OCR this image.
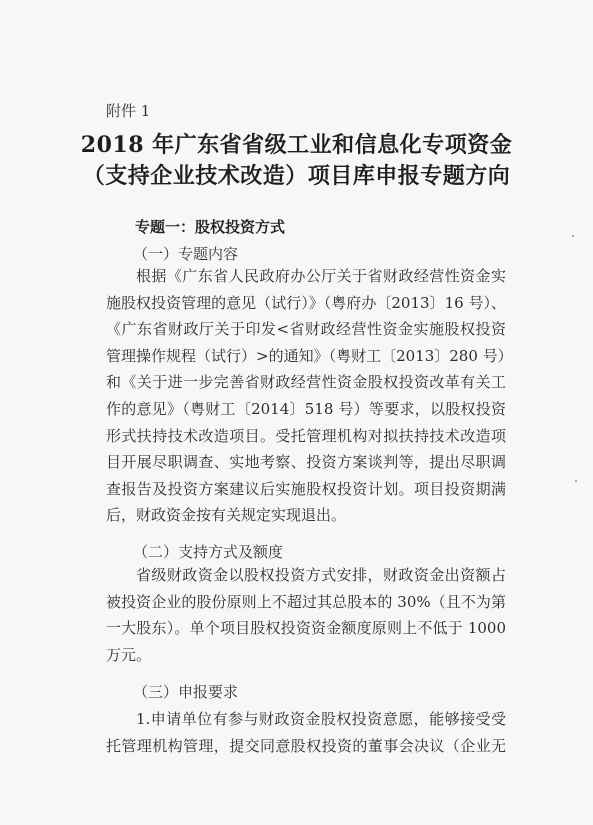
附件 1
2018 年广东省省级工业和信息化专项资金
（支持企业技术改造）项目库申报专题方向
专题一：股权投资方式
（一）专题内容
根据《广东省人民政府办公厅关于省财政经营性资金实
施股权投资管理的意见（试行）》（粤府办〔2013〕16 号）、
《广东省财政厅关于印发<省财政经营性资金实施股权投资
管理操作规程（试行）>的通知》（粤财工〔2013〕280 号）
和《关于进一步完善省财政经营性资金股权投资改革有关工
作的意见》（粤财工〔2014〕518 号）等要求，以股权投资
形式扶持技术改造项目。受托管理机构对拟扶持技术改造项
目开展尽职调查、实地考察、投资方案谈判等，提出尽职调
查报告及投资方案建议后实施股权投资计划。项目投资期满
后，财政资金按有关规定实现退出。
（二）支持方式及额度
省级财政资金以股权投资方式安排，财政资金出资额占
被投资企业的股份原则上不超过其总股本的 30%（且不为第
一大股东）。单个项目股权投资资金额度原则上不低于 1000
万元。
（三）申报要求
1.申请单位有参与财政资金股权投资意愿，能够接受受
托管理机构管理，提交同意股权投资的董事会决议（企业无
